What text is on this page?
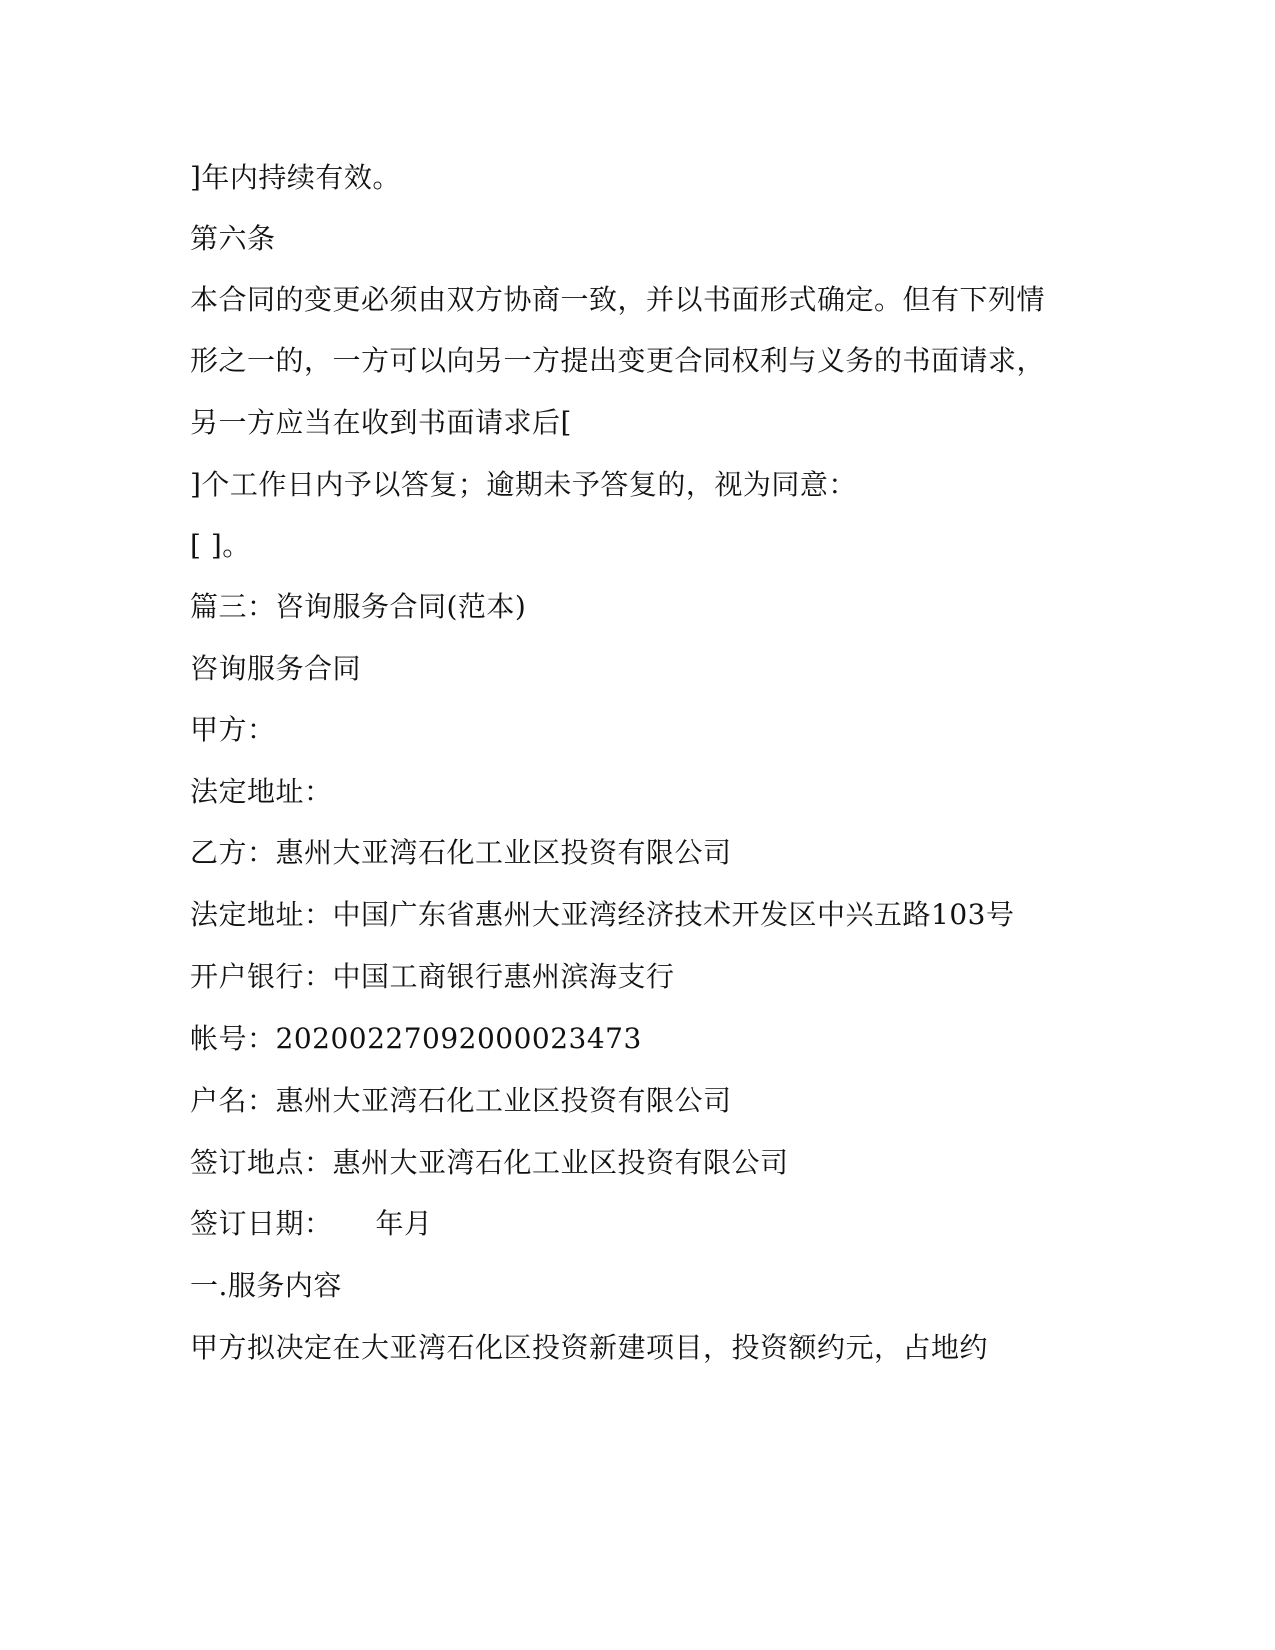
]年内持续有效。
第六条
本合同的变更必须由双方协商一致，并以书面形式确定。但有下列情
形之一的，一方可以向另一方提出变更合同权利与义务的书面请求，
另一方应当在收到书面请求后[
]个工作日内予以答复；逾期未予答复的，视为同意：
[ ]。
篇三：咨询服务合同(范本)
咨询服务合同
甲方：
法定地址：
乙方：惠州大亚湾石化工业区投资有限公司
法定地址：中国广东省惠州大亚湾经济技术开发区中兴五路103号
开户银行：中国工商银行惠州滨海支行
帐号：20200227092000023473
户名：惠州大亚湾石化工业区投资有限公司
签订地点：惠州大亚湾石化工业区投资有限公司
签订日期：　　年月
一.服务内容
甲方拟决定在大亚湾石化区投资新建项目，投资额约元，占地约
